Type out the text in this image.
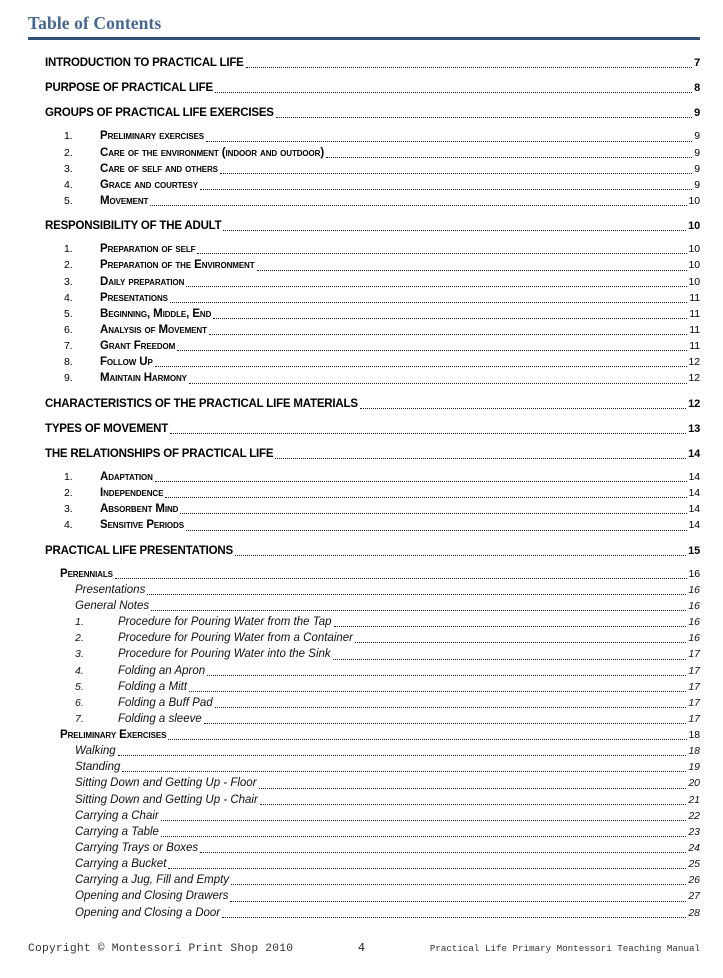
Table of Contents
INTRODUCTION TO PRACTICAL LIFE	7
PURPOSE OF PRACTICAL LIFE	8
GROUPS OF PRACTICAL LIFE EXERCISES	9
1.	Preliminary exercises	9
2.	Care of the environment (indoor and outdoor)	9
3.	Care of self and others	9
4.	Grace and courtesy	9
5.	Movement	10
RESPONSIBILITY OF THE ADULT	10
1.	Preparation of self	10
2.	Preparation of the Environment	10
3.	Daily preparation	10
4.	Presentations	11
5.	Beginning, Middle, End	11
6.	Analysis of Movement	11
7.	Grant Freedom	11
8.	Follow Up	12
9.	Maintain Harmony	12
CHARACTERISTICS OF THE PRACTICAL LIFE MATERIALS	12
TYPES OF MOVEMENT	13
THE RELATIONSHIPS OF PRACTICAL LIFE	14
1.	Adaptation	14
2.	Independence	14
3.	Absorbent Mind	14
4.	Sensitive Periods	14
PRACTICAL LIFE PRESENTATIONS	15
Perennials	16
Presentations	16
General Notes	16
1.	Procedure for Pouring Water from the Tap	16
2.	Procedure for Pouring Water from a Container	16
3.	Procedure for Pouring Water into the Sink	17
4.	Folding an Apron	17
5.	Folding a Mitt	17
6.	Folding a Buff Pad	17
7.	Folding a sleeve	17
Preliminary Exercises	18
Walking	18
Standing	19
Sitting Down and Getting Up - Floor	20
Sitting Down and Getting Up - Chair	21
Carrying a Chair	22
Carrying a Table	23
Carrying Trays or Boxes	24
Carrying a Bucket	25
Carrying a Jug, Fill and Empty	26
Opening and Closing Drawers	27
Opening and Closing a Door	28
Copyright © Montessori Print Shop 2010	4	Practical Life Primary Montessori Teaching Manual
